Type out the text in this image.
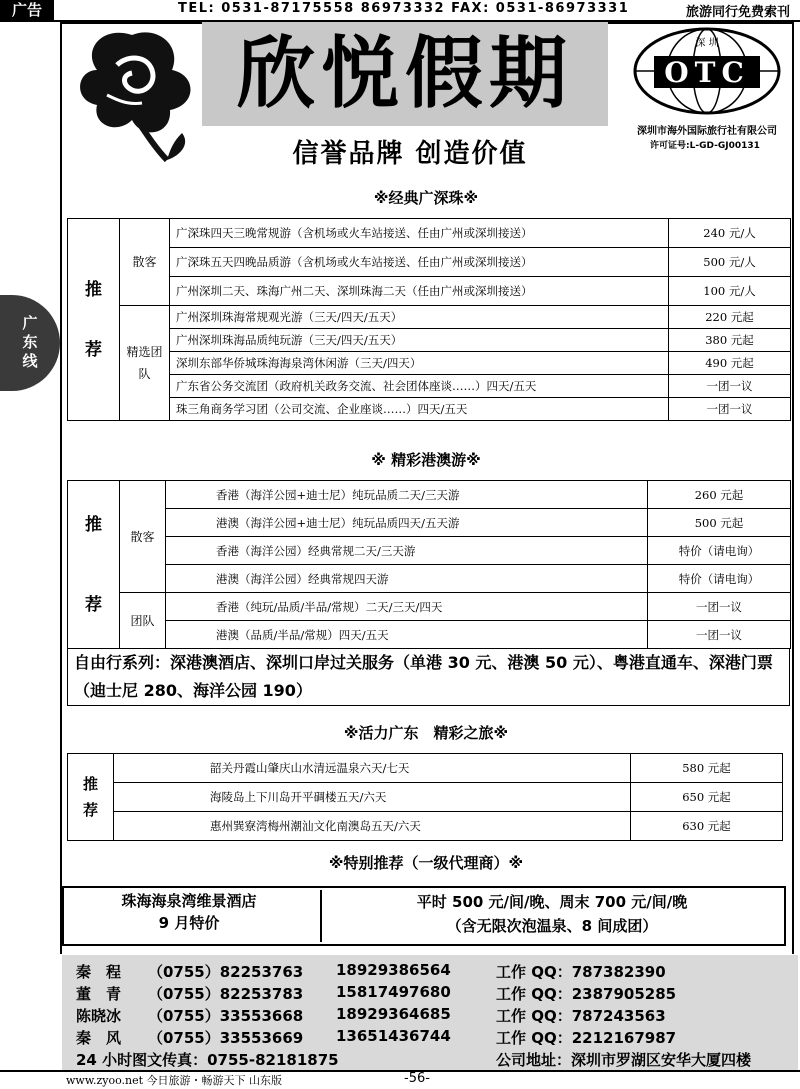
广告	TEL: 0531-87175558 86973332 FAX: 0531-86973331	旅游同行免费索刊
广东线
欣悦假期	OTC
深 圳
深圳市海外国际旅行社有限公司
许可证号:L-GD-GJ00131
信誉品牌 创造价值
※经典广深珠※
推
荐	散客	广深珠四天三晚常规游（含机场或火车站接送、任由广州或深圳接送）	240 元/人
		广深珠五天四晚品质游（含机场或火车站接送、任由广州或深圳接送）	500 元/人
		广州深圳二天、珠海广州二天、深圳珠海二天（任由广州或深圳接送）	100 元/人
	精选团队	广州深圳珠海常规观光游（三天/四天/五天）	220 元起
		广州深圳珠海品质纯玩游（三天/四天/五天）	380 元起
		深圳东部华侨城珠海海泉湾休闲游（三天/四天）	490 元起
		广东省公务交流团（政府机关政务交流、社会团体座谈……）四天/五天	一团一议
		珠三角商务学习团（公司交流、企业座谈……）四天/五天	一团一议
※ 精彩港澳游※
推
荐	散客	香港（海洋公园+迪士尼）纯玩品质二天/三天游	260 元起
		港澳（海洋公园+迪士尼）纯玩品质四天/五天游	500 元起
		香港（海洋公园）经典常规二天/三天游	特价（请电询）
		港澳（海洋公园）经典常规四天游	特价（请电询）
	团队	香港（纯玩/品质/半品/常规）二天/三天/四天	一团一议
		港澳（品质/半品/常规）四天/五天	一团一议
自由行系列：深港澳酒店、深圳口岸过关服务（单港 30 元、港澳 50 元）、粤港直通车、深港门票（迪士尼 280、海洋公园 190）
※活力广东　精彩之旅※
推 荐	韶关丹霞山肇庆山水清远温泉六天/七天	580 元起	
	海陵岛上下川岛开平碉楼五天/六天	650 元起	
	惠州巽寮湾梅州潮汕文化南澳岛五天/六天	630 元起	
※特别推荐（一级代理商）※
珠海海泉湾维景酒店
9 月特价
平时 500 元/间/晚、周末 700 元/间/晚
（含无限次泡温泉、8 间成团）
秦　程 （0755）82253763 18929386564	工作 QQ：787382390
董　青 （0755）82253783 15817497680	工作 QQ：2387905285
陈晓冰 （0755）33553668 18929364685	工作 QQ：787243563
秦　风 （0755）33553669 13651436744	工作 QQ：2212167987
24 小时图文传真：0755-82181875	公司地址：深圳市罗湖区安华大厦四楼
www.zyoo.net 今日旅游・畅游天下 山东版	-56-
